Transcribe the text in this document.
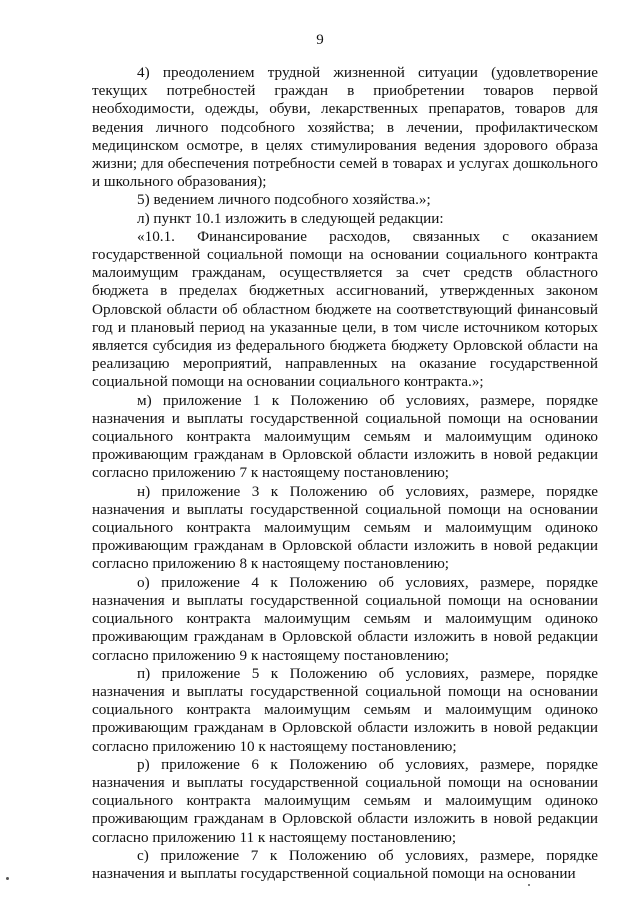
9

4) преодолением трудной жизненной ситуации (удовлетворение текущих потребностей граждан в приобретении товаров первой необходимости, одежды, обуви, лекарственных препаратов, товаров для ведения личного подсобного хозяйства; в лечении, профилактическом медицинском осмотре, в целях стимулирования ведения здорового образа жизни; для обеспечения потребности семей в товарах и услугах дошкольного и школьного образования);

5) ведением личного подсобного хозяйства.»;

л) пункт 10.1 изложить в следующей редакции:

«10.1. Финансирование расходов, связанных с оказанием государственной социальной помощи на основании социального контракта малоимущим гражданам, осуществляется за счет средств областного бюджета в пределах бюджетных ассигнований, утвержденных законом Орловской области об областном бюджете на соответствующий финансовый год и плановый период на указанные цели, в том числе источником которых является субсидия из федерального бюджета бюджету Орловской области на реализацию мероприятий, направленных на оказание государственной социальной помощи на основании социального контракта.»;

м) приложение 1 к Положению об условиях, размере, порядке назначения и выплаты государственной социальной помощи на основании социального контракта малоимущим семьям и малоимущим одиноко проживающим гражданам в Орловской области изложить в новой редакции согласно приложению 7 к настоящему постановлению;

н) приложение 3 к Положению об условиях, размере, порядке назначения и выплаты государственной социальной помощи на основании социального контракта малоимущим семьям и малоимущим одиноко проживающим гражданам в Орловской области изложить в новой редакции согласно приложению 8 к настоящему постановлению;

о) приложение 4 к Положению об условиях, размере, порядке назначения и выплаты государственной социальной помощи на основании социального контракта малоимущим семьям и малоимущим одиноко проживающим гражданам в Орловской области изложить в новой редакции согласно приложению 9 к настоящему постановлению;

п) приложение 5 к Положению об условиях, размере, порядке назначения и выплаты государственной социальной помощи на основании социального контракта малоимущим семьям и малоимущим одиноко проживающим гражданам в Орловской области изложить в новой редакции согласно приложению 10 к настоящему постановлению;

р) приложение 6 к Положению об условиях, размере, порядке назначения и выплаты государственной социальной помощи на основании социального контракта малоимущим семьям и малоимущим одиноко проживающим гражданам в Орловской области изложить в новой редакции согласно приложению 11 к настоящему постановлению;

с) приложение 7 к Положению об условиях, размере, порядке назначения и выплаты государственной социальной помощи на основании
